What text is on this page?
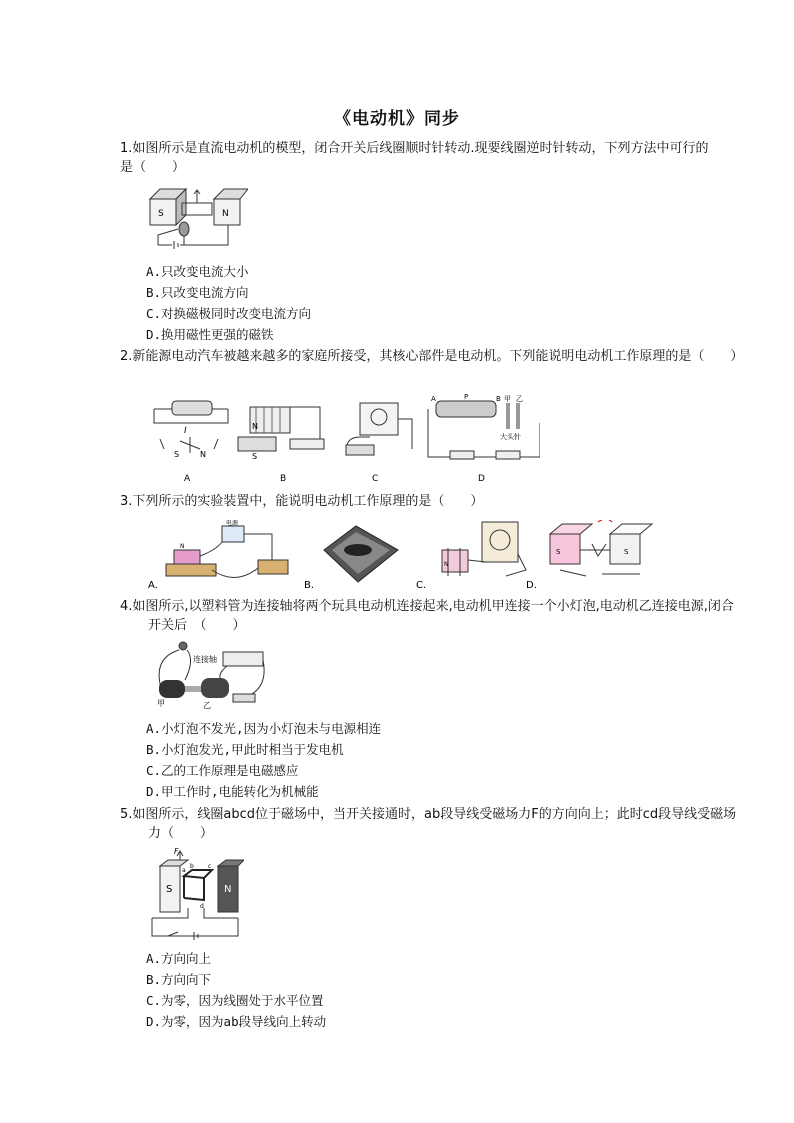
《电动机》同步
1.如图所示是直流电动机的模型，闭合开关后线圈顺时针转动.现要线圈逆时针转动，下列方法中可行的是（　　）
S	N
A.只改变电流大小
B.只改变电流方向
C.对换磁极同时改变电流方向
D.换用磁性更强的磁铁
2.新能源电动汽车被越来越多的家庭所接受，其核心部件是电动机。下列能说明电动机工作原理的是（　　）
I
S	N
N
S
A	P	B 甲 乙
大头针
A	B	C	D
3.下列所示的实验装置中，能说明电动机工作原理的是（　　）
电源
N
N
S	S
A.	B.	C.	D.
4.如图所示,以塑料管为连接轴将两个玩具电动机连接起来,电动机甲连接一个小灯泡,电动机乙连接电源,闭合开关后　（　　）
连接轴
甲	乙
A.小灯泡不发光,因为小灯泡未与电源相连
B.小灯泡发光,甲此时相当于发电机
C.乙的工作原理是电磁感应
D.甲工作时,电能转化为机械能
5.如图所示，线圈abcd位于磁场中，当开关接通时，ab段导线受磁场力F的方向向上；此时cd段导线受磁场力（　　）
F
S	N
a
b c
d
A.方向向上
B.方向向下
C.为零，因为线圈处于水平位置
D.为零，因为ab段导线向上转动
